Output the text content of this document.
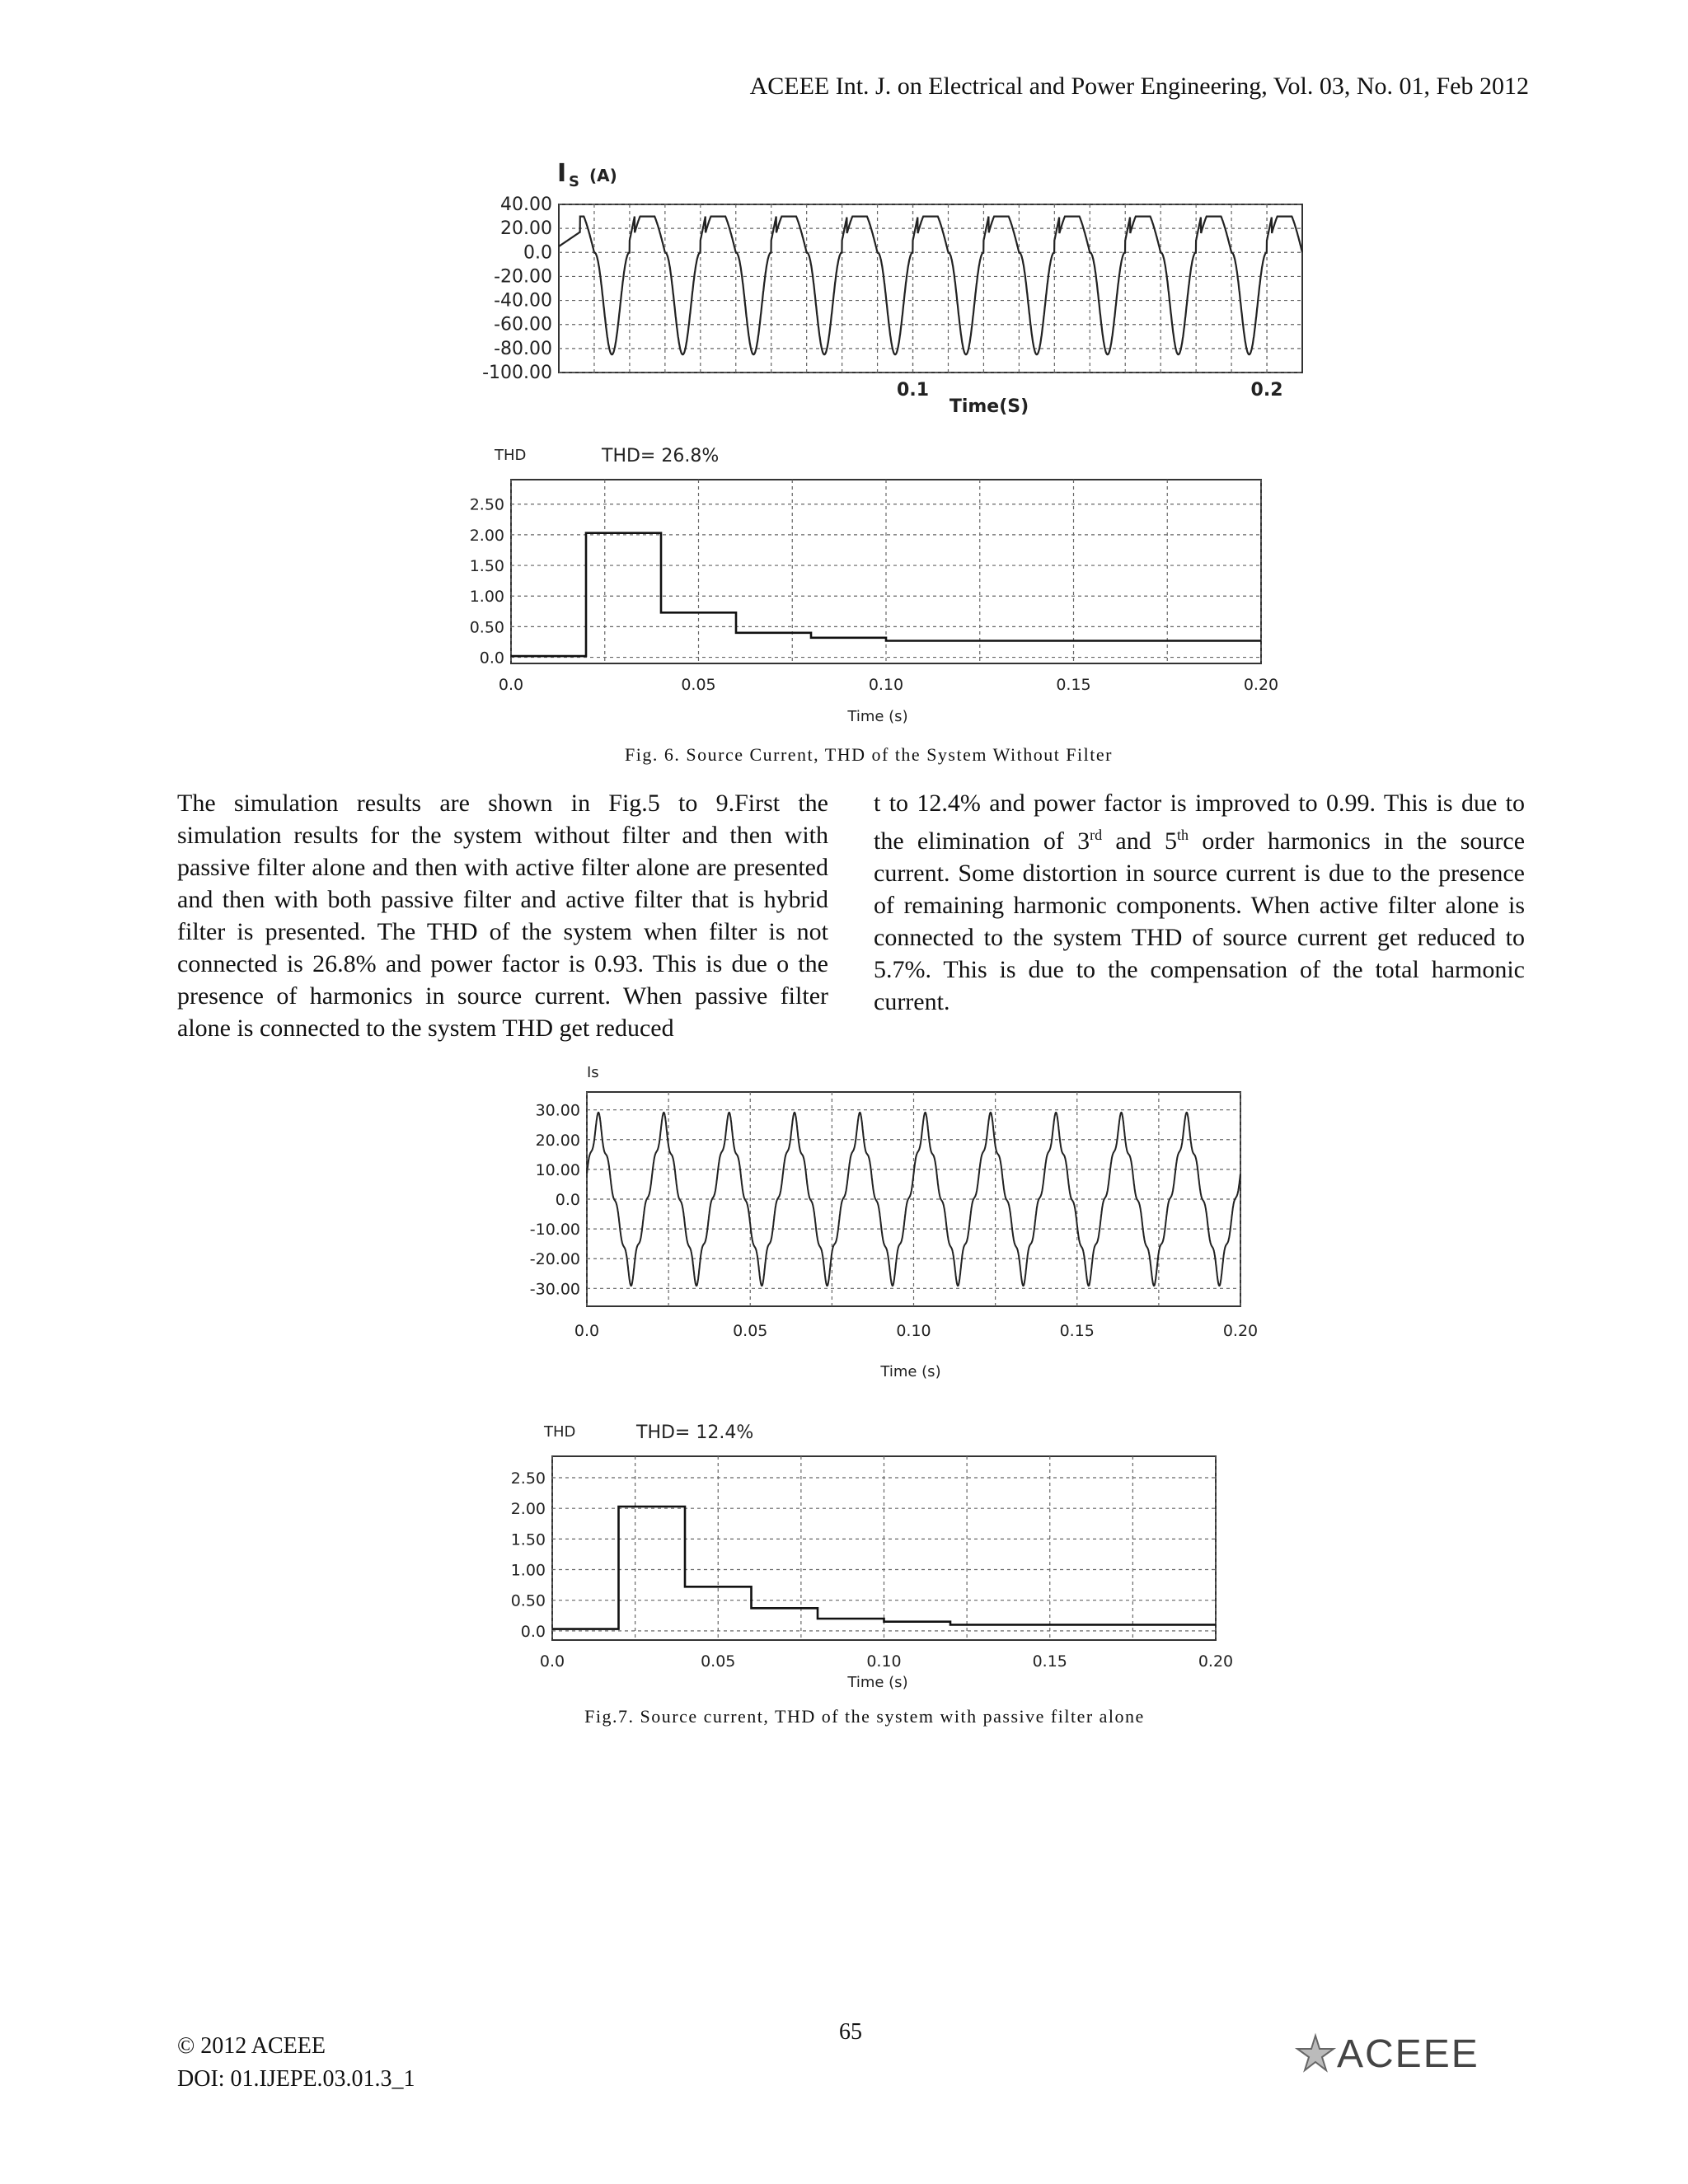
ACEEE Int. J. on Electrical and Power Engineering, Vol. 03, No. 01, Feb 2012
I S (A)
Time(S)
40.00
20.00
0.0
-20.00
-40.00
-60.00
-80.00
-100.00
0.1	0.2
THD	THD= 26.8%
Time (s)
2.50
2.00
1.50
1.00
0.50
0.0
0.0	0.05	0.10	0.15	0.20
Fig. 6. Source Current, THD of the System Without Filter

The simulation results are shown in Fig.5 to 9.First the simulation results for the system without filter and then with passive filter alone and then with active filter alone are presented and then with both passive filter and active filter that is hybrid filter is presented. The THD of the system when filter is not connected is 26.8% and power factor is 0.93. This is due o the presence of harmonics in source current. When passive filter alone is connected to the system THD get reduced

t to 12.4% and power factor is improved to 0.99. This is due to the elimination of 3rd and 5th order harmonics in the source current. Some distortion in source current is due to the presence of remaining harmonic components. When active filter alone is connected to the system THD of source current get reduced to 5.7%. This is due to the compensation of the total harmonic current.

Is
Time (s)
30.00
20.00
10.00
0.0
-10.00
-20.00
-30.00
0.0	0.05	0.10	0.15	0.20
THD	THD= 12.4%
Time (s)
2.50
2.00
1.50
1.00
0.50
0.0
0.0	0.05	0.10	0.15	0.20
Fig.7. Source current, THD of the system with passive filter alone
65
© 2012 ACEEE
DOI: 01.IJEPE.03.01.3_1
ACEEE
